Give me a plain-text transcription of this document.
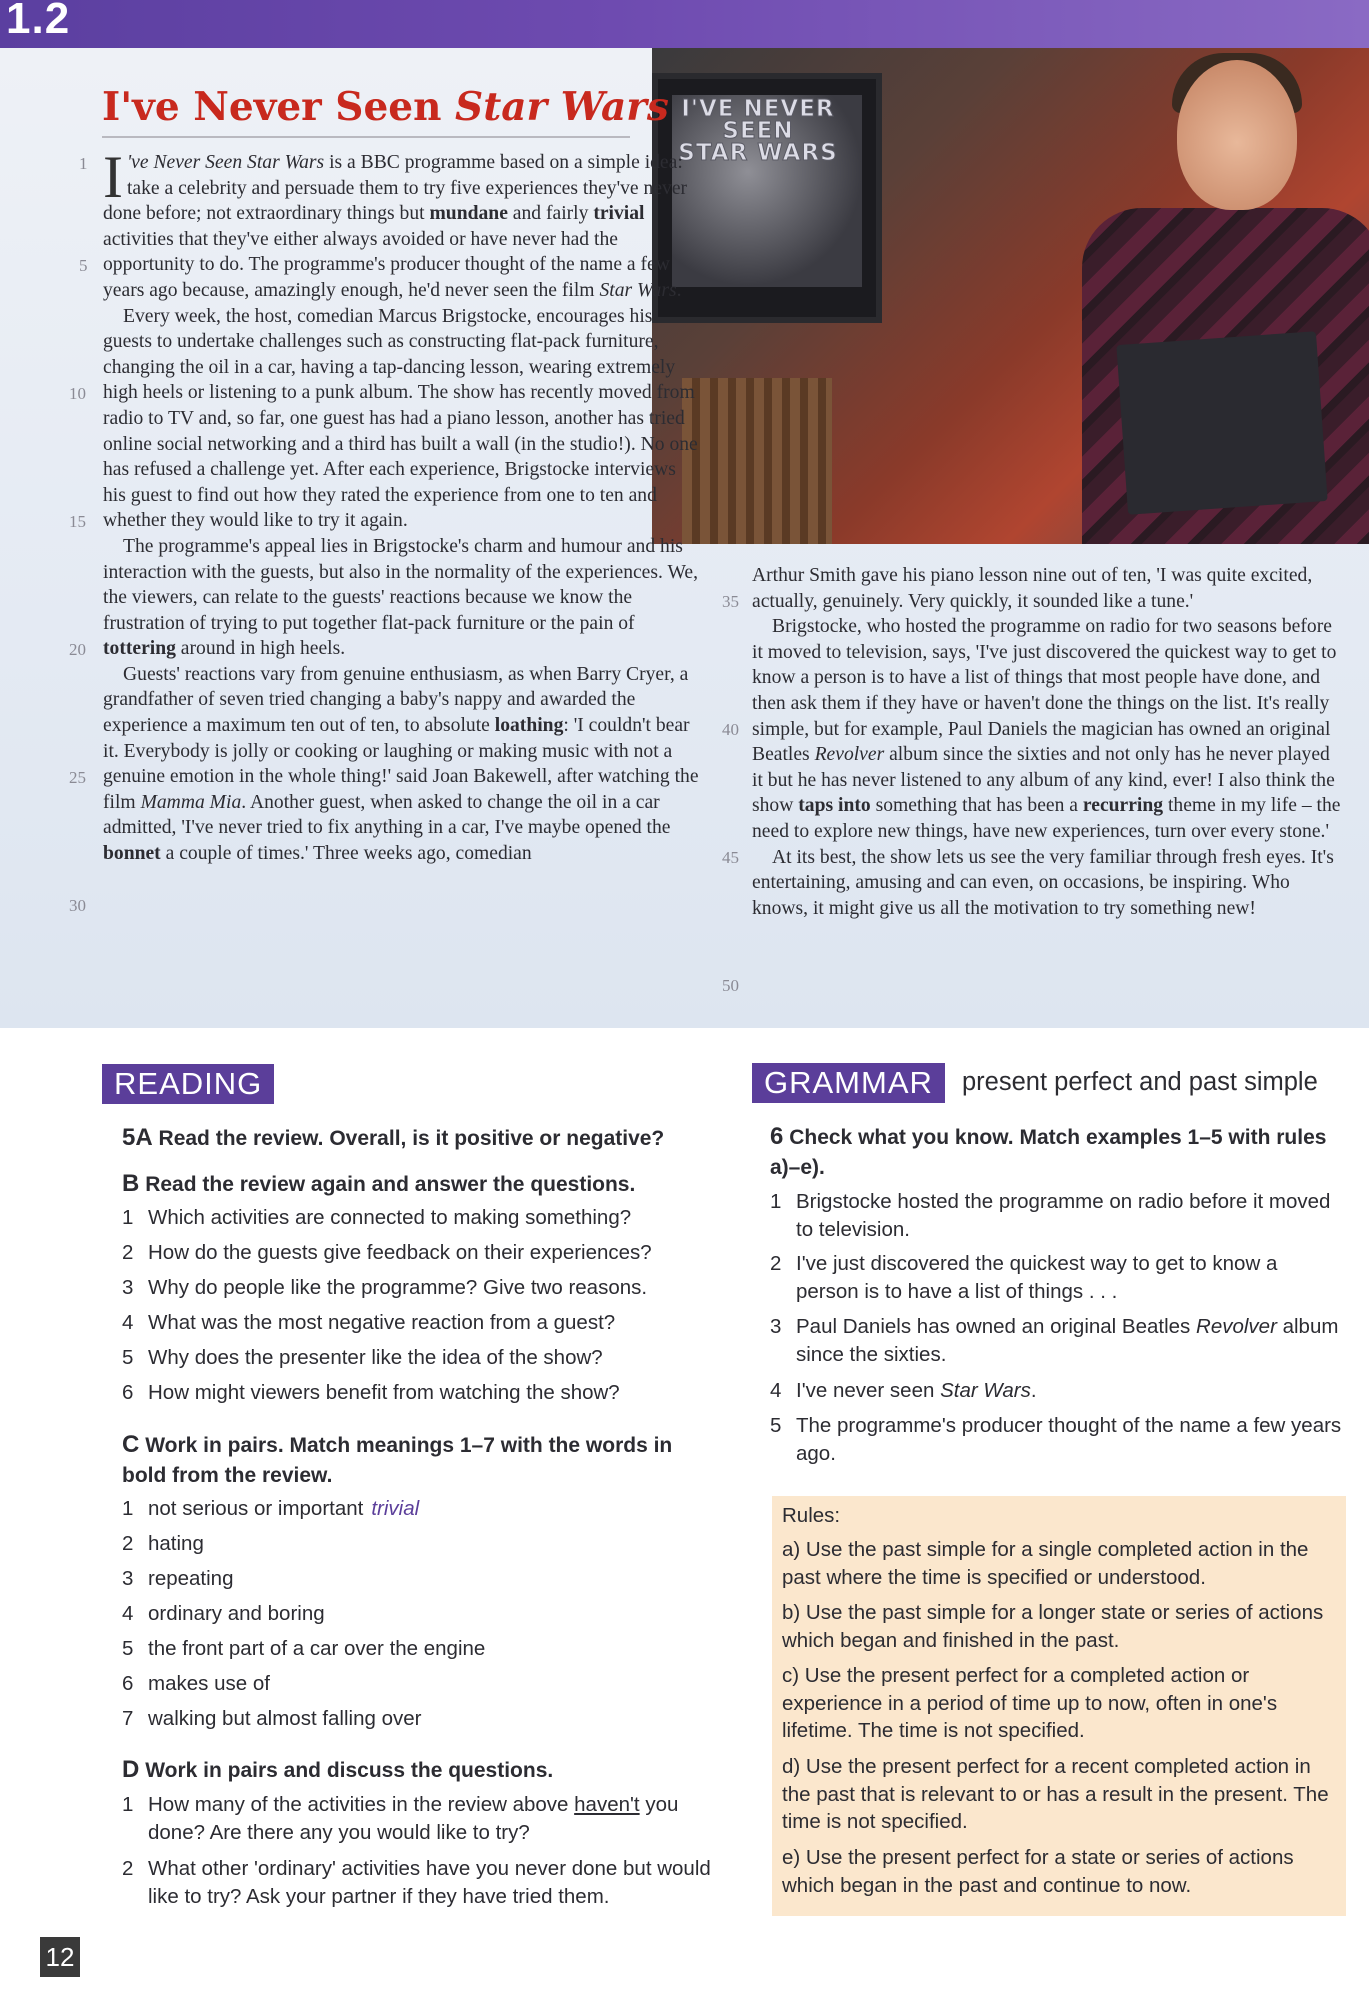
1.2
I'VE NEVER
SEEN
STAR WARS
I've Never Seen Star Wars

I 've Never Seen Star Wars is a BBC programme based on a simple idea: take a celebrity and persuade them to try five experiences they've never done before; not extraordinary things but mundane and fairly trivial activities that they've either always avoided or have never had the opportunity to do. The programme's producer thought of the name a few years ago because, amazingly enough, he'd never seen the film Star Wars.

Every week, the host, comedian Marcus Brigstocke, encourages his guests to undertake challenges such as constructing flat-pack furniture, changing the oil in a car, having a tap-dancing lesson, wearing extremely high heels or listening to a punk album. The show has recently moved from radio to TV and, so far, one guest has had a piano lesson, another has tried online social networking and a third has built a wall (in the studio!). No one has refused a challenge yet. After each experience, Brigstocke interviews his guest to find out how they rated the experience from one to ten and whether they would like to try it again.

The programme's appeal lies in Brigstocke's charm and humour and his interaction with the guests, but also in the normality of the experiences. We, the viewers, can relate to the guests' reactions because we know the frustration of trying to put together flat-pack furniture or the pain of tottering around in high heels.

Guests' reactions vary from genuine enthusiasm, as when Barry Cryer, a grandfather of seven tried changing a baby's nappy and awarded the experience a maximum ten out of ten, to absolute loathing: 'I couldn't bear it. Everybody is jolly or cooking or laughing or making music with not a genuine emotion in the whole thing!' said Joan Bakewell, after watching the film Mamma Mia. Another guest, when asked to change the oil in a car admitted, 'I've never tried to fix anything in a car, I've maybe opened the bonnet a couple of times.' Three weeks ago, comedian

Arthur Smith gave his piano lesson nine out of ten, 'I was quite excited, actually, genuinely. Very quickly, it sounded like a tune.'

Brigstocke, who hosted the programme on radio for two seasons before it moved to television, says, 'I've just discovered the quickest way to get to know a person is to have a list of things that most people have done, and then ask them if they have or haven't done the things on the list. It's really simple, but for example, Paul Daniels the magician has owned an original Beatles Revolver album since the sixties and not only has he never played it but he has never listened to any album of any kind, ever! I also think the show taps into something that has been a recurring theme in my life – the need to explore new things, have new experiences, turn over every stone.'

At its best, the show lets us see the very familiar through fresh eyes. It's entertaining, amusing and can even, on occasions, be inspiring. Who knows, it might give us all the motivation to try something new!

1
5
10
15
20
25
30
35
40
45
50
READING
5A Read the review. Overall, is it positive or negative?
B Read the review again and answer the questions.
1 Which activities are connected to making something?
2 How do the guests give feedback on their experiences?
3 Why do people like the programme? Give two reasons.
4 What was the most negative reaction from a guest?
5 Why does the presenter like the idea of the show?
6 How might viewers benefit from watching the show?
C Work in pairs. Match meanings 1–7 with the words in
bold from the review.
1 not serious or important trivial
2 hating
3 repeating
4 ordinary and boring
5 the front part of a car over the engine
6 makes use of
7 walking but almost falling over
D Work in pairs and discuss the questions.
1 How many of the activities in the review above haven't you done? Are there any you would like to try?
2 What other 'ordinary' activities have you never done but would like to try? Ask your partner if they have tried them.
GRAMMAR	present perfect and past simple
6 Check what you know. Match examples 1–5 with rules a)–e).
1 Brigstocke hosted the programme on radio before it moved to television.
2 I've just discovered the quickest way to get to know a person is to have a list of things . . .
3 Paul Daniels has owned an original Beatles Revolver album since the sixties.
4 I've never seen Star Wars.
5 The programme's producer thought of the name a few years ago.
Rules:
a) Use the past simple for a single completed action in the past where the time is specified or understood.
b) Use the past simple for a longer state or series of actions which began and finished in the past.
c) Use the present perfect for a completed action or experience in a period of time up to now, often in one's lifetime. The time is not specified.
d) Use the present perfect for a recent completed action in the past that is relevant to or has a result in the present. The time is not specified.
e) Use the present perfect for a state or series of actions which began in the past and continue to now.
12
